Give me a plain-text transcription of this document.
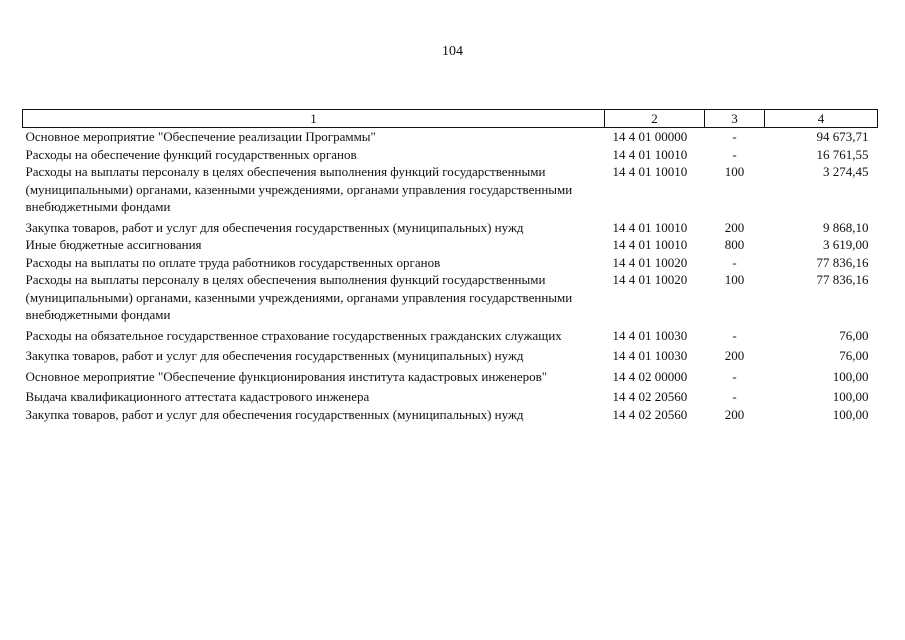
104
1	2	3	4
Основное мероприятие "Обеспечение реализации Программы"	14 4 01 00000	-	94 673,71
Расходы на обеспечение функций государственных органов	14 4 01 10010	-	16 761,55
Расходы на выплаты персоналу в целях обеспечения выполнения функций государственными (муниципальными) органами, казенными учреждениями, органами управления государственными внебюджетными фондами	14 4 01 10010	100	3 274,45
Закупка товаров, работ и услуг для обеспечения государственных (муниципальных) нужд	14 4 01 10010	200	9 868,10
Иные бюджетные ассигнования	14 4 01 10010	800	3 619,00
Расходы на выплаты по оплате труда работников государственных органов	14 4 01 10020	-	77 836,16
Расходы на выплаты персоналу в целях обеспечения выполнения функций государственными (муниципальными) органами, казенными учреждениями, органами управления государственными внебюджетными фондами	14 4 01 10020	100	77 836,16
Расходы на обязательное государственное страхование государственных гражданских служащих	14 4 01 10030	-	76,00
Закупка товаров, работ и услуг для обеспечения государственных (муниципальных) нужд	14 4 01 10030	200	76,00
Основное мероприятие "Обеспечение функционирования института кадастровых инженеров"	14 4 02 00000	-	100,00
Выдача квалификационного аттестата кадастрового инженера	14 4 02 20560	-	100,00
Закупка товаров, работ и услуг для обеспечения государственных (муниципальных) нужд	14 4 02 20560	200	100,00
